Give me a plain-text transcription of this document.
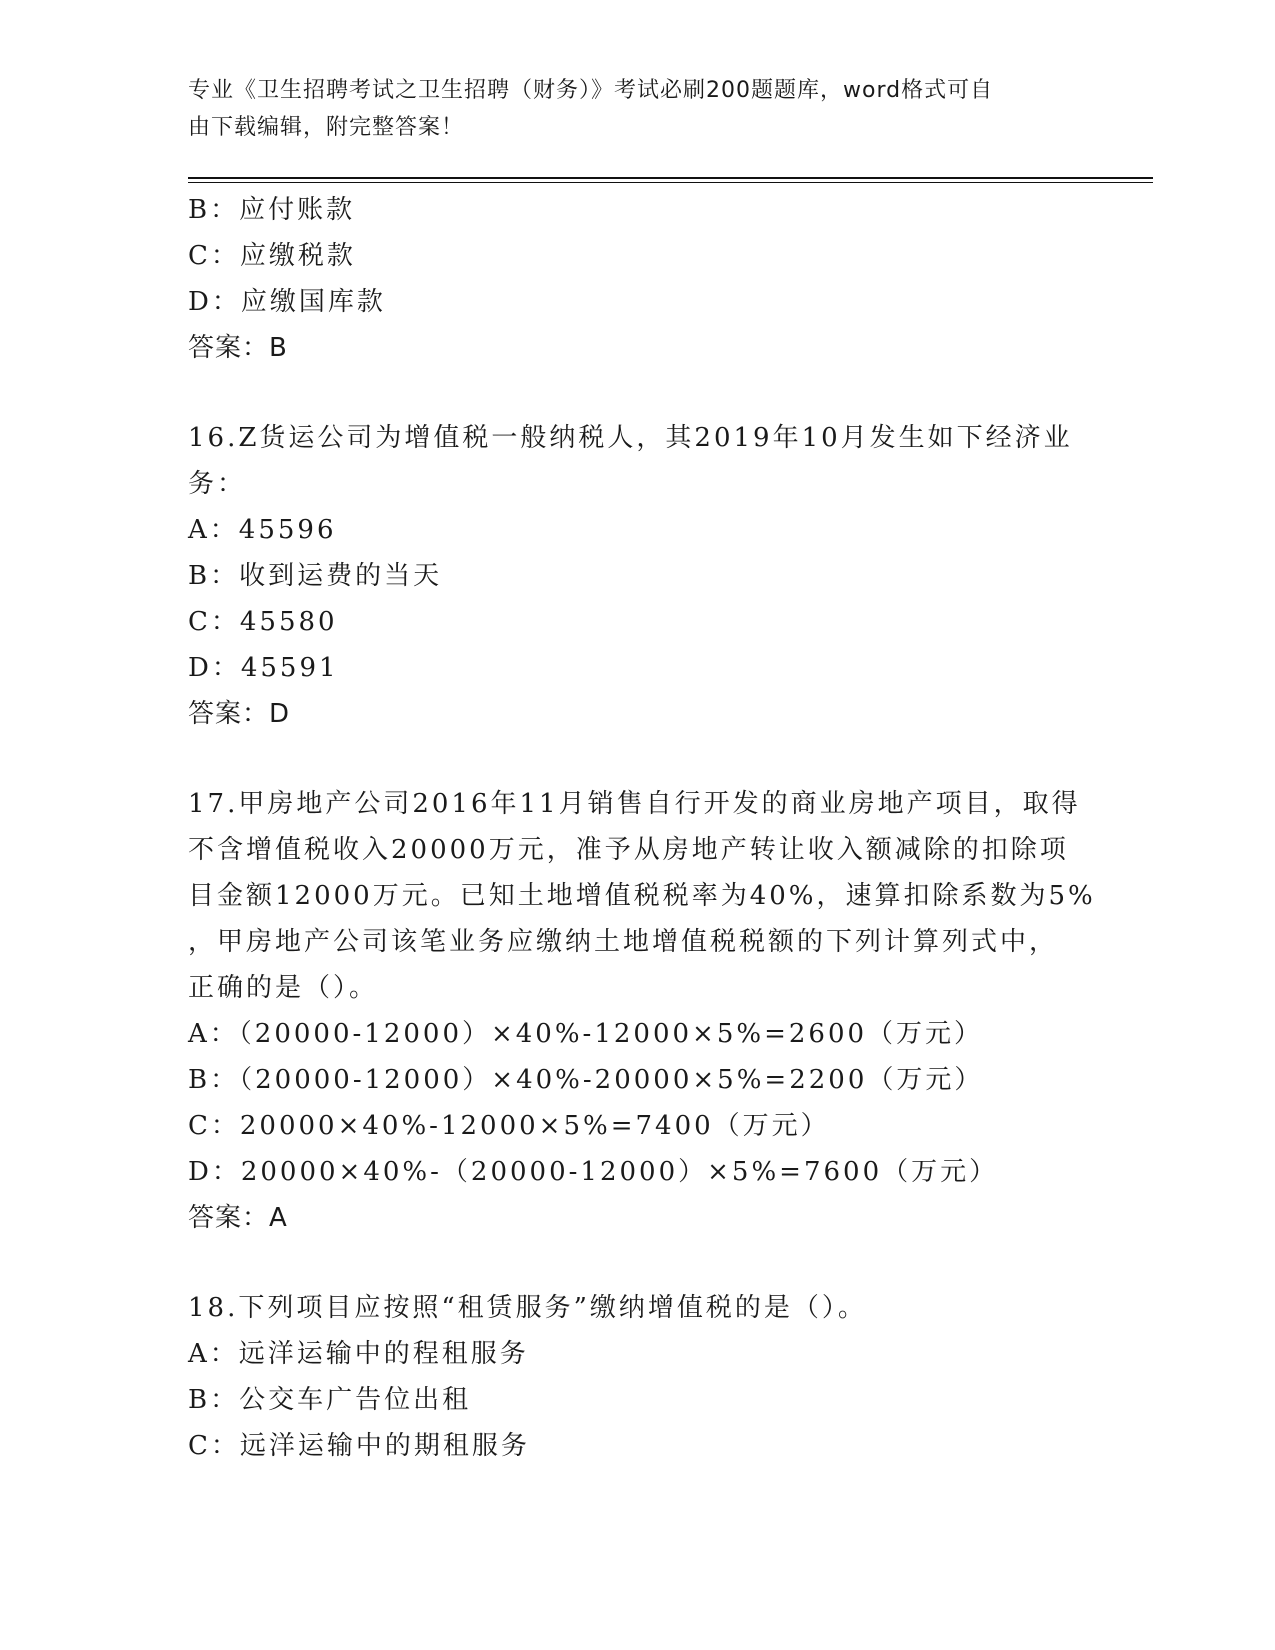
专业《卫生招聘考试之卫生招聘（财务）》考试必刷200题题库，word格式可自
由下载编辑，附完整答案！
B：应付账款
C：应缴税款
D：应缴国库款
答案：B
16.Z货运公司为增值税一般纳税人，其2019年10月发生如下经济业
务：
A：45596
B：收到运费的当天
C：45580
D：45591
答案：D
17.甲房地产公司2016年11月销售自行开发的商业房地产项目，取得
不含增值税收入20000万元，准予从房地产转让收入额减除的扣除项
目金额12000万元。已知土地增值税税率为40%，速算扣除系数为5%
，甲房地产公司该笔业务应缴纳土地增值税税额的下列计算列式中，
正确的是（）。
A：（20000-12000）×40%-12000×5%=2600（万元）
B：（20000-12000）×40%-20000×5%=2200（万元）
C：20000×40%-12000×5%=7400（万元）
D：20000×40%-（20000-12000）×5%=7600（万元）
答案：A
18.下列项目应按照“租赁服务”缴纳增值税的是（）。
A：远洋运输中的程租服务
B：公交车广告位出租
C：远洋运输中的期租服务
